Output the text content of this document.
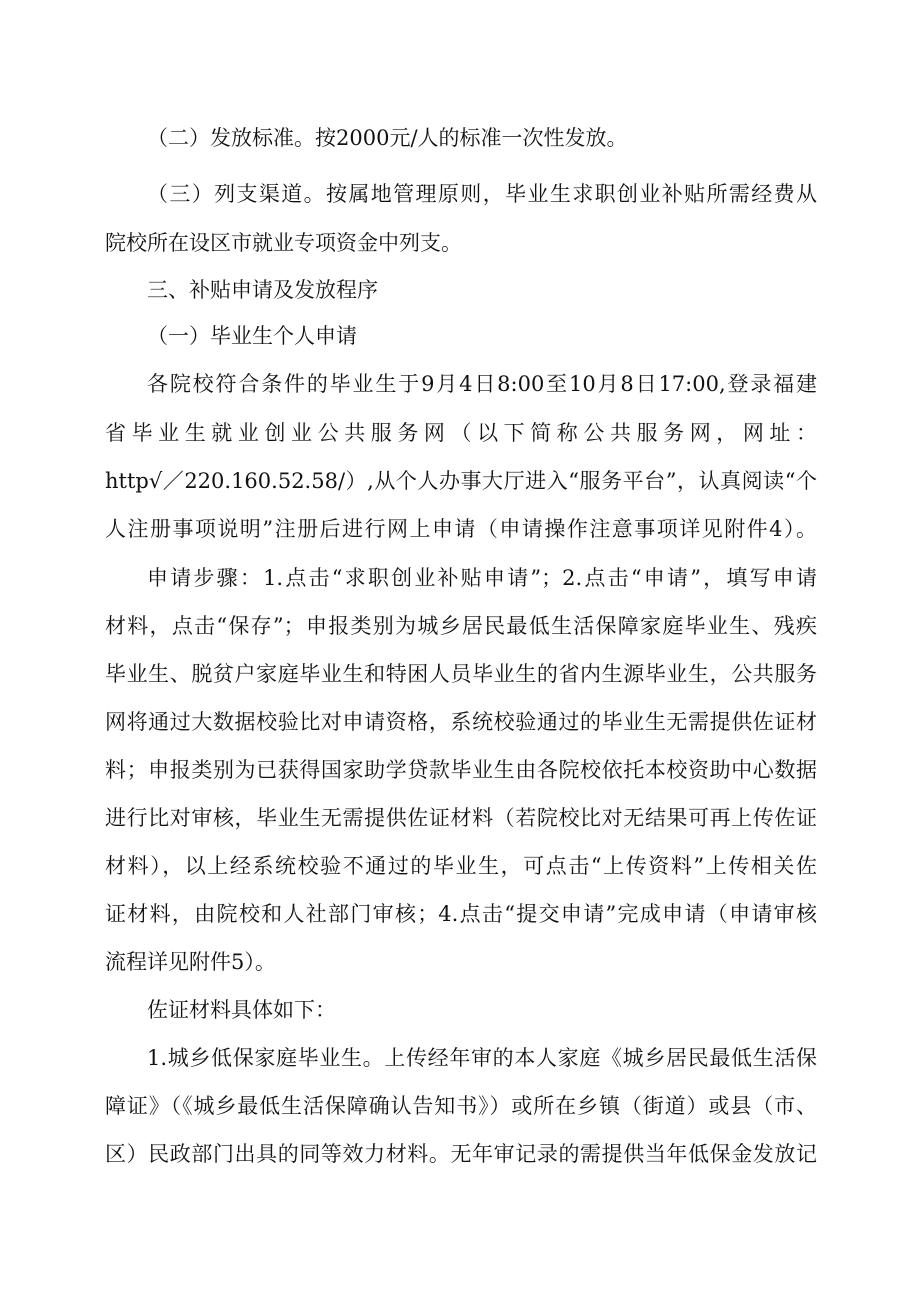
（二）发放标准。按2000元/人的标准一次性发放。
（三）列支渠道。按属地管理原则，毕业生求职创业补贴所需经费从
院校所在设区市就业专项资金中列支。
三、补贴申请及发放程序
（一）毕业生个人申请
各院校符合条件的毕业生于9月4日8:00至10月8日17:00,登录福建
省毕业生就业创业公共服务网（以下简称公共服务网，网址：
http√／220.160.52.58/）,从个人办事大厅进入“服务平台”，认真阅读“个
人注册事项说明”注册后进行网上申请（申请操作注意事项详见附件4）。
申请步骤：1.点击“求职创业补贴申请”；2.点击“申请”，填写申请
材料，点击“保存”；申报类别为城乡居民最低生活保障家庭毕业生、残疾
毕业生、脱贫户家庭毕业生和特困人员毕业生的省内生源毕业生，公共服务
网将通过大数据校验比对申请资格，系统校验通过的毕业生无需提供佐证材
料；申报类别为已获得国家助学贷款毕业生由各院校依托本校资助中心数据
进行比对审核，毕业生无需提供佐证材料（若院校比对无结果可再上传佐证
材料），以上经系统校验不通过的毕业生，可点击“上传资料”上传相关佐
证材料，由院校和人社部门审核；4.点击“提交申请”完成申请（申请审核
流程详见附件5）。
佐证材料具体如下：
1.城乡低保家庭毕业生。上传经年审的本人家庭《城乡居民最低生活保
障证》（《城乡最低生活保障确认告知书》）或所在乡镇（街道）或县（市、
区）民政部门出具的同等效力材料。无年审记录的需提供当年低保金发放记
